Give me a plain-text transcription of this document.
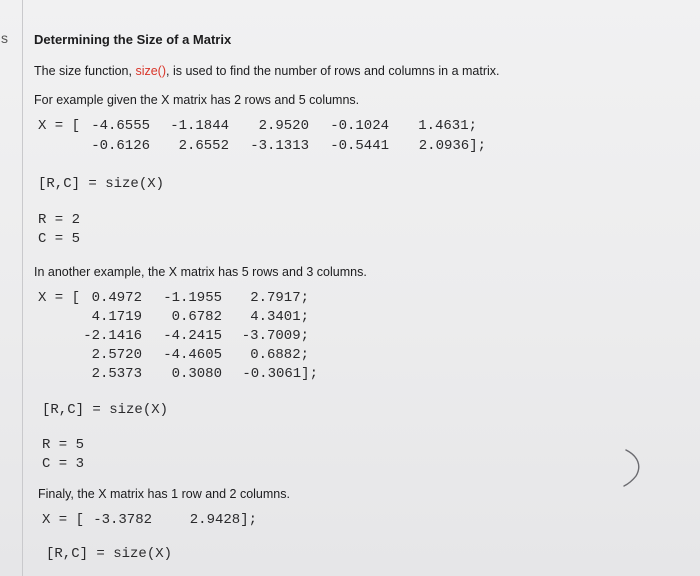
s Determining the Size of a Matrix
The size function, size(), is used to find the number of rows and columns in a matrix.
For example given the X matrix has 2 rows and 5 columns.
X = [ -4.6555 -1.1844 2.9520 -0.1024 1.4631;
-0.6126 2.6552 -3.1313 -0.5441 2.0936];
[R,C] = size(X)
R = 2
C = 5
In another example, the X matrix has 5 rows and 3 columns.
X = [ 0.4972 -1.1955 2.7917;
4.1719 0.6782 4.3401;
-2.1416 -4.2415 -3.7009;
2.5720 -4.4605 0.6882;
2.5373 0.3080 -0.3061];
[R,C] = size(X)
R = 5
C = 3
Finaly, the X matrix has 1 row and 2 columns.
X = [ -3.3782	2.9428];
[R,C] = size(X)
